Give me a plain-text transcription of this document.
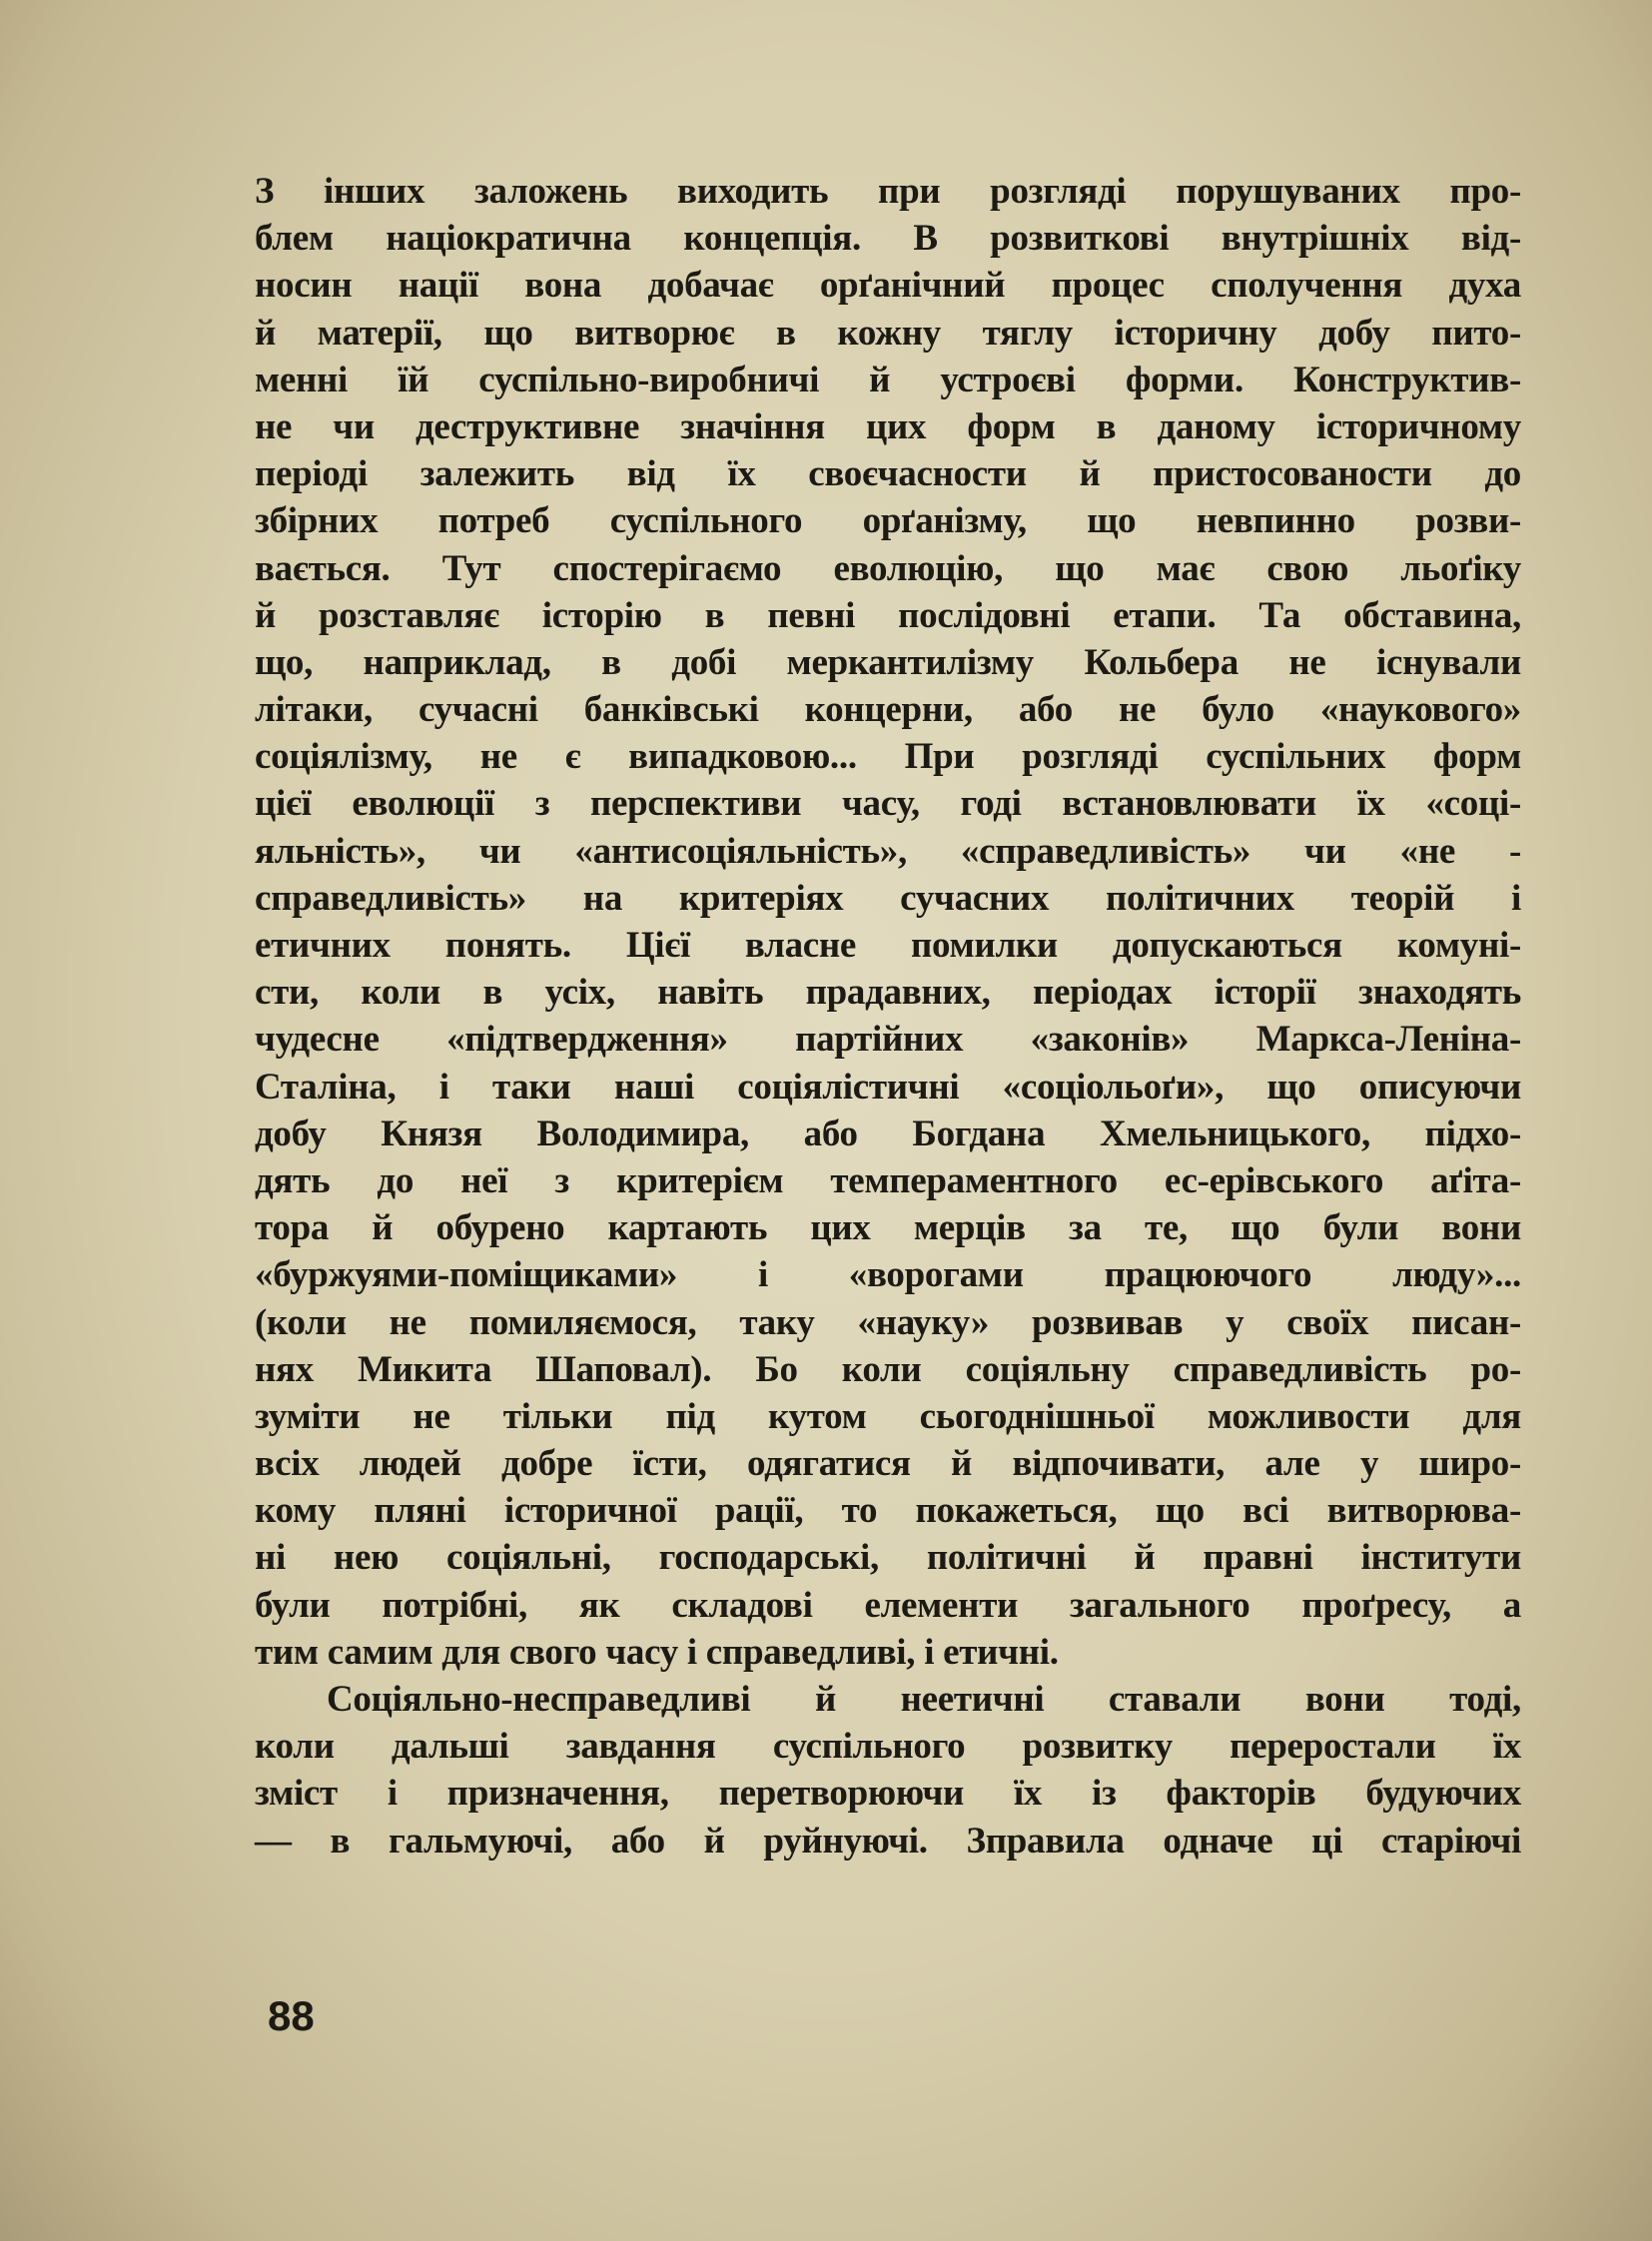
З інших заложень виходить при розгляді порушуваних про-
блем націократична концепція. В розвиткові внутрішніх від-
носин нації вона добачає орґанічний процес сполучення духа
й матерії, що витворює в кожну тяглу історичну добу пито-
менні їй суспільно-виробничі й устроєві форми. Конструктив-
не чи деструктивне значіння цих форм в даному історичному
періоді залежить від їх своєчасности й пристосованости до
збірних потреб суспільного орґанізму, що невпинно розви-
вається. Тут спостерігаємо еволюцію, що має свою льоґіку
й розставляє історію в певні послідовні етапи. Та обставина,
що, наприклад, в добі меркантилізму Кольбера не існували
літаки, сучасні банківські концерни, або не було «наукового»
соціялізму, не є випадковою... При розгляді суспільних форм
цієї еволюції з перспективи часу, годі встановлювати їх «соці-
яльність», чи «антисоціяльність», «справедливість» чи «не -
справедливість» на критеріях сучасних політичних теорій і
етичних понять. Цієї власне помилки допускаються комуні-
сти, коли в усіх, навіть прадавних, періодах історії знаходять
чудесне «підтвердження» партійних «законів» Маркса-Леніна-
Сталіна, і таки наші соціялістичні «соціольоґи», що описуючи
добу Князя Володимира, або Богдана Хмельницького, підхо-
дять до неї з критерієм темпераментного ес-ерівського аґіта-
тора й обурено картають цих мерців за те, що були вони
«буржуями-поміщиками» і «ворогами працюючого люду»...
(коли не помиляємося, таку «науку» розвивав у своїх писан-
нях Микита Шаповал). Бо коли соціяльну справедливість ро-
зуміти не тільки під кутом сьогоднішньої можливости для
всіх людей добре їсти, одягатися й відпочивати, але у широ-
кому пляні історичної рації, то покажеться, що всі витворюва-
ні нею соціяльні, господарські, політичні й правні інститути
були потрібні, як складові елементи загального проґресу, а
тим самим для свого часу і справедливі, і етичні.
Соціяльно-несправедливі й неетичні ставали вони тоді,
коли дальші завдання суспільного розвитку переростали їх
зміст і призначення, перетворюючи їх із факторів будуючих
— в гальмуючі, або й руйнуючі. Зправила одначе ці старіючі
88
